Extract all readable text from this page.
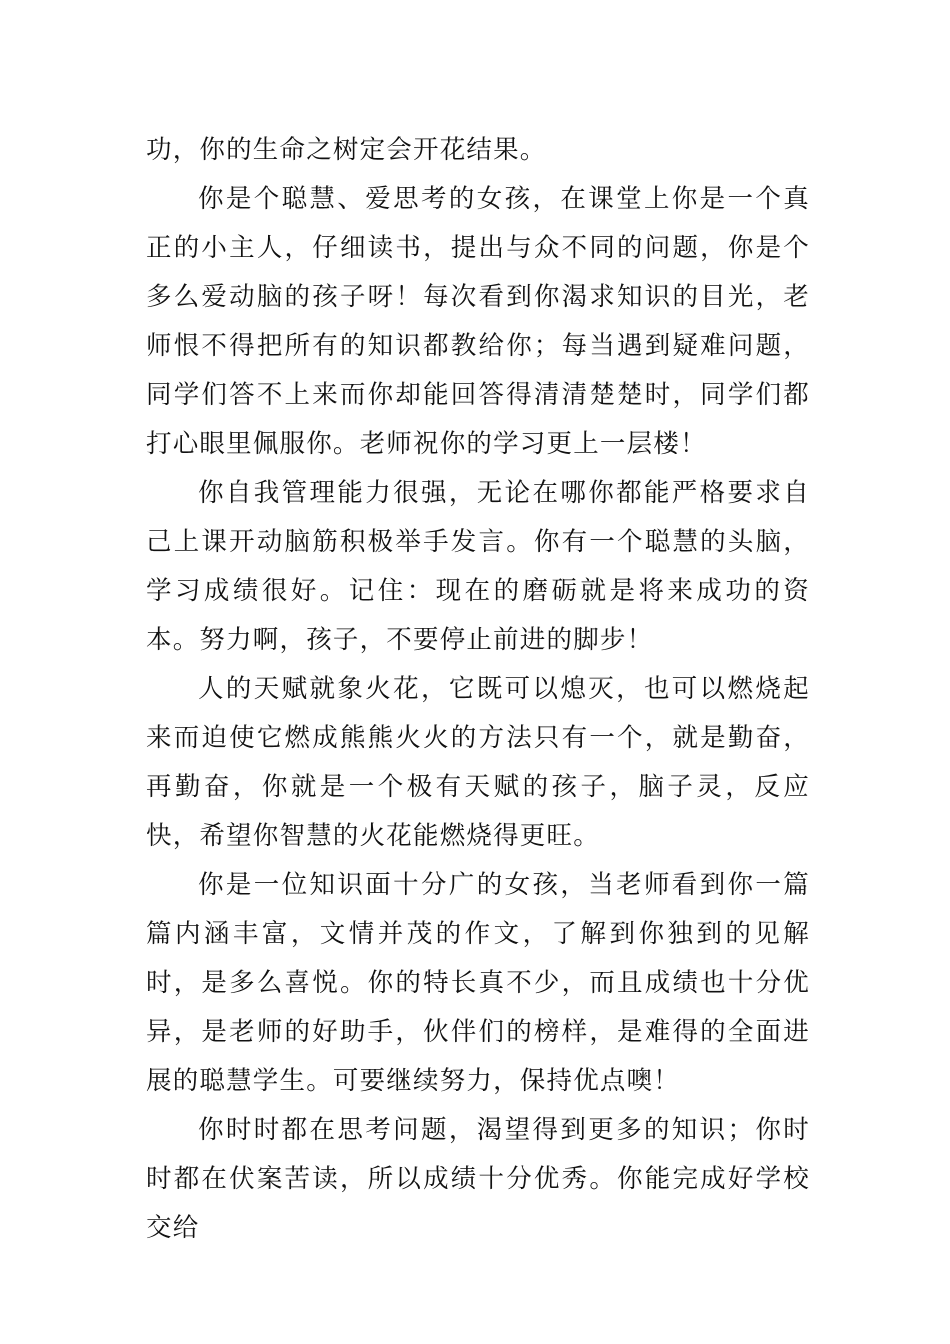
功，你的生命之树定会开花结果。

你是个聪慧、爱思考的女孩，在课堂上你是一个真正的小主人，仔细读书，提出与众不同的问题，你是个多么爱动脑的孩子呀！每次看到你渴求知识的目光，老师恨不得把所有的知识都教给你；每当遇到疑难问题，同学们答不上来而你却能回答得清清楚楚时，同学们都打心眼里佩服你。老师祝你的学习更上一层楼！

你自我管理能力很强，无论在哪你都能严格要求自己上课开动脑筋积极举手发言。你有一个聪慧的头脑，学习成绩很好。记住：现在的磨砺就是将来成功的资本。努力啊，孩子，不要停止前进的脚步！

人的天赋就象火花，它既可以熄灭，也可以燃烧起来而迫使它燃成熊熊火火的方法只有一个，就是勤奋，再勤奋，你就是一个极有天赋的孩子，脑子灵，反应快，希望你智慧的火花能燃烧得更旺。

你是一位知识面十分广的女孩，当老师看到你一篇篇内涵丰富，文情并茂的作文，了解到你独到的见解时，是多么喜悦。你的特长真不少，而且成绩也十分优异，是老师的好助手，伙伴们的榜样，是难得的全面进展的聪慧学生。可要继续努力，保持优点噢！

你时时都在思考问题，渴望得到更多的知识；你时时都在伏案苦读，所以成绩十分优秀。你能完成好学校交给
